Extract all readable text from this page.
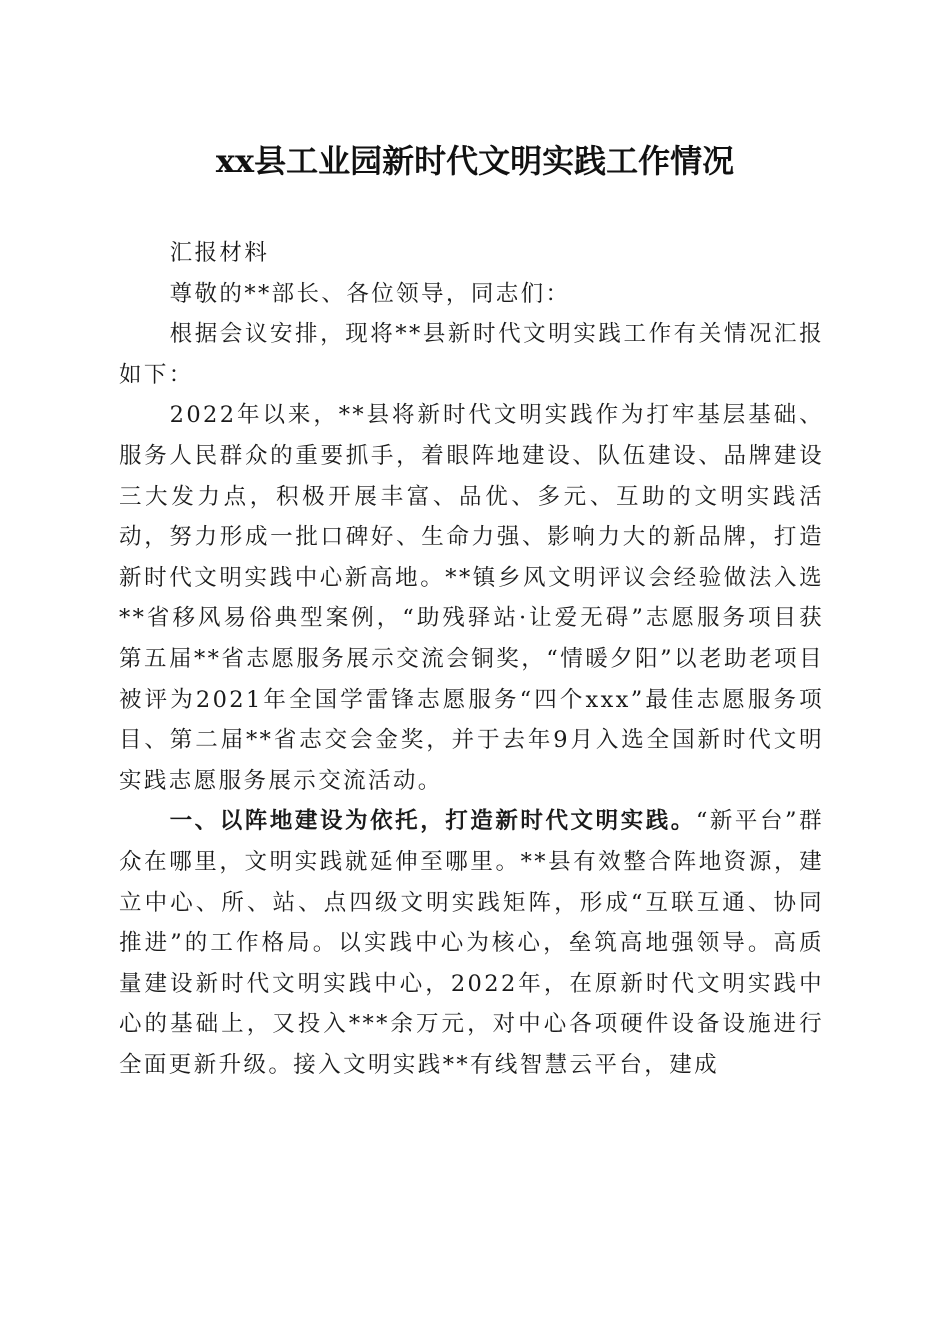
xx县工业园新时代文明实践工作情况

汇报材料

尊敬的**部长、各位领导，同志们：

根据会议安排，现将**县新时代文明实践工作有关情况汇报如下：

2022年以来，**县将新时代文明实践作为打牢基层基础、服务人民群众的重要抓手，着眼阵地建设、队伍建设、品牌建设三大发力点，积极开展丰富、品优、多元、互助的文明实践活动，努力形成一批口碑好、生命力强、影响力大的新品牌，打造新时代文明实践中心新高地。**镇乡风文明评议会经验做法入选**省移风易俗典型案例，“助残驿站·让爱无碍”志愿服务项目获第五届**省志愿服务展示交流会铜奖，“情暖夕阳”以老助老项目被评为2021年全国学雷锋志愿服务“四个xxx”最佳志愿服务项目、第二届**省志交会金奖，并于去年9月入选全国新时代文明实践志愿服务展示交流活动。

一、以阵地建设为依托，打造新时代文明实践。“新平台”群众在哪里，文明实践就延伸至哪里。**县有效整合阵地资源，建立中心、所、站、点四级文明实践矩阵，形成“互联互通、协同推进”的工作格局。以实践中心为核心，垒筑高地强领导。高质量建设新时代文明实践中心，2022年，在原新时代文明实践中心的基础上，又投入***余万元，对中心各项硬件设备设施进行全面更新升级。接入文明实践**有线智慧云平台，建成
